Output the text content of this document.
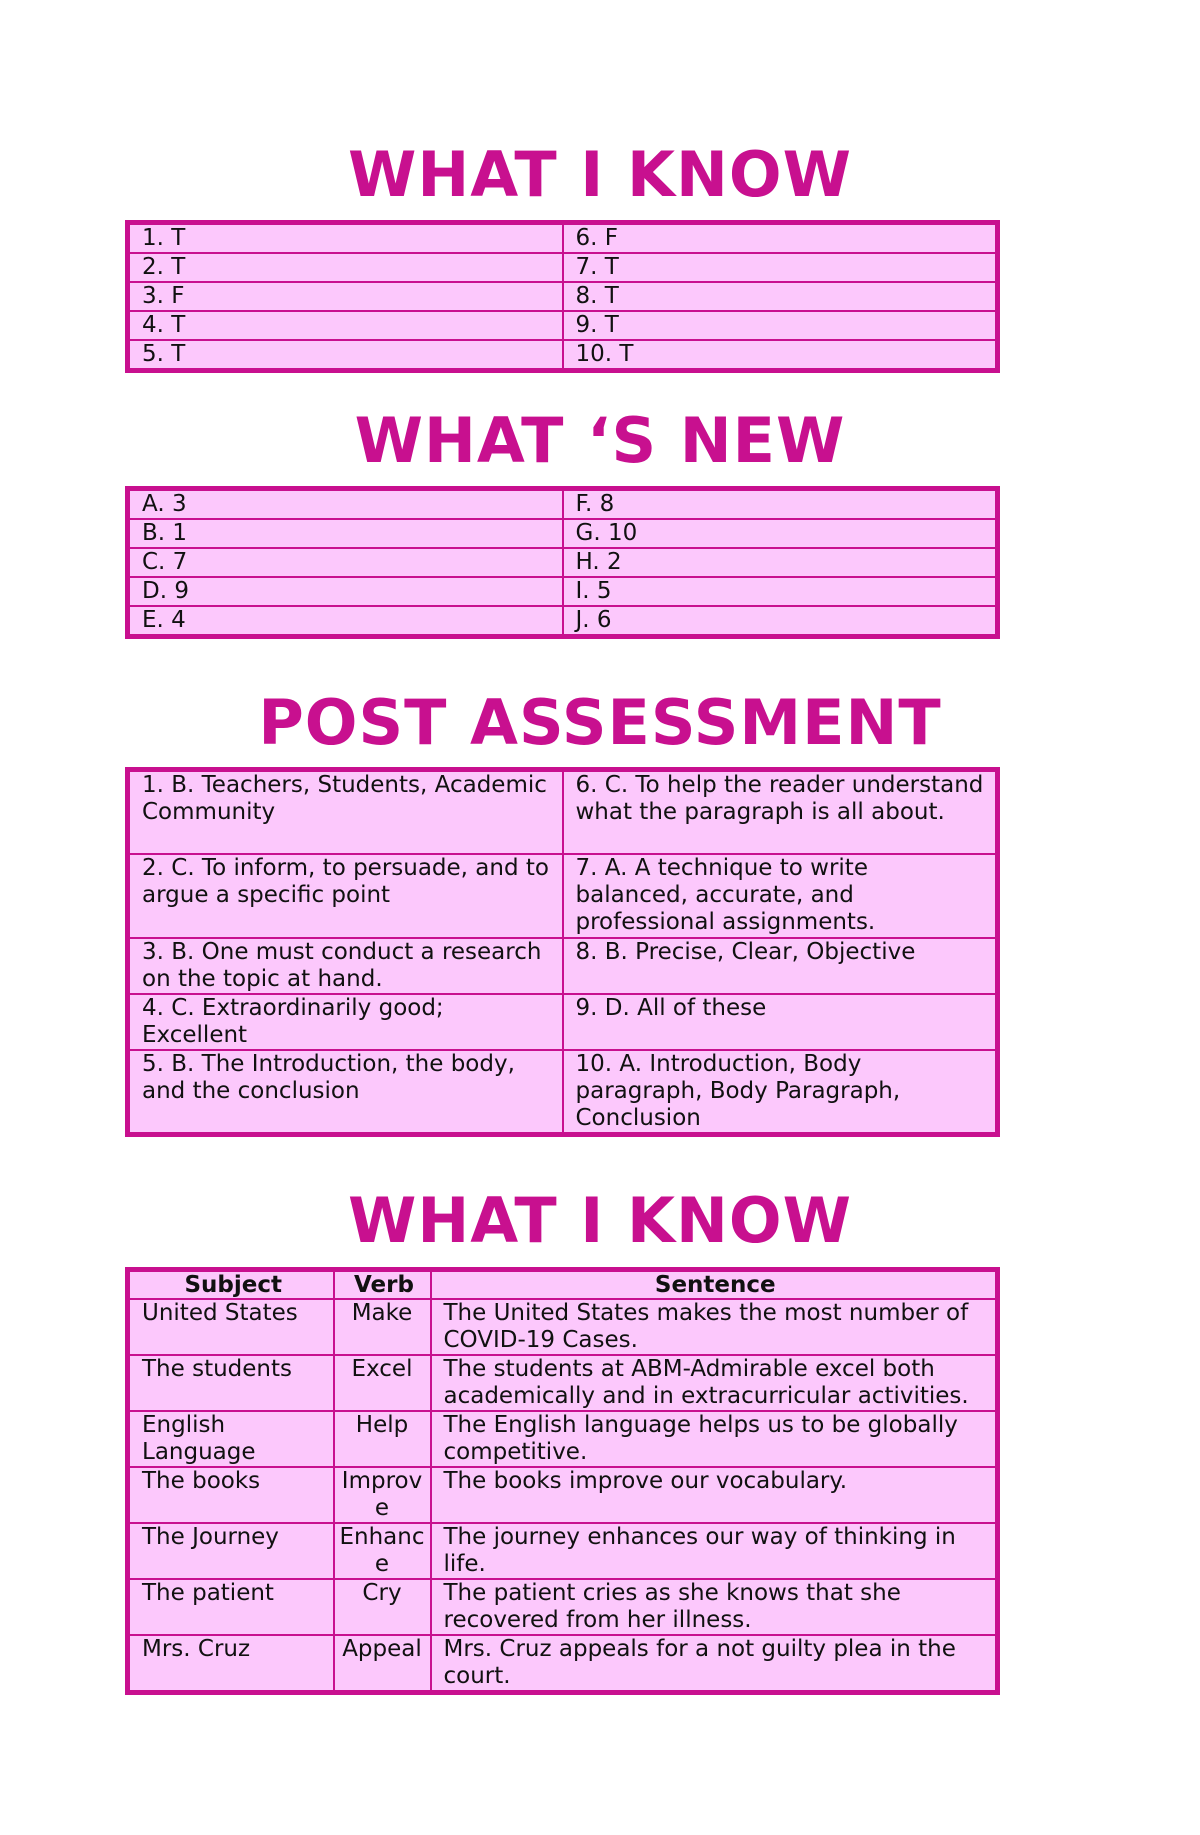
WHAT I KNOW
1. T	6. F
2. T	7. T
3. F	8. T
4. T	9. T
5. T	10. T
WHAT ‘S NEW
A. 3	F. 8
B. 1	G. 10
C. 7	H. 2
D. 9	I. 5
E. 4	J. 6
POST ASSESSMENT
1. B. Teachers, Students, Academic Community	6. C. To help the reader understand what the paragraph is all about.
2. C. To inform, to persuade, and to argue a specific point	7. A. A technique to write balanced, accurate, and professional assignments.
3. B. One must conduct a research on the topic at hand.	8. B. Precise, Clear, Objective
4. C. Extraordinarily good; Excellent	9. D. All of these
5. B. The Introduction, the body, and the conclusion	10. A. Introduction, Body paragraph, Body Paragraph, Conclusion
WHAT I KNOW
Subject	Verb	Sentence
United States	Make	The United States makes the most number of COVID-19 Cases.
The students	Excel	The students at ABM-Admirable excel both academically and in extracurricular activities.
English Language	Help	The English language helps us to be globally competitive.
The books	Improve	The books improve our vocabulary.
The Journey	Enhance	The journey enhances our way of thinking in life.
The patient	Cry	The patient cries as she knows that she recovered from her illness.
Mrs. Cruz	Appeal	Mrs. Cruz appeals for a not guilty plea in the court.
